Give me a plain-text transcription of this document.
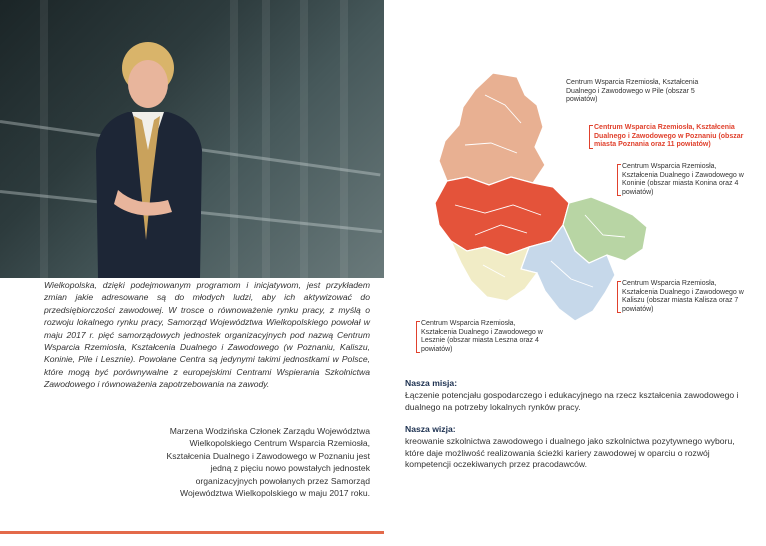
Wielkopolska, dzięki podejmowanym programom i inicjatywom, jest przykładem zmian jakie adresowane są do młodych ludzi, aby ich aktywizować do przedsiębiorczości zawodowej. W trosce o równoważenie rynku pracy, z myślą o rozwoju lokalnego rynku pracy, Samorząd Województwa Wielkopolskiego powołał w maju 2017 r. pięć samorządowych jednostek organizacyjnych pod nazwą Centrum Wsparcia Rzemiosła, Kształcenia Dualnego i Zawodowego (w Poznaniu, Kaliszu, Koninie, Pile i Lesznie). Powołane Centra są jedynymi takimi jednostkami w Polsce, które mogą być porównywalne z europejskimi Centrami Wspierania Szkolnictwa Zawodowego i równoważenia zapotrzebowania na zawody.

Marzena Wodzińska Członek Zarządu Województwa Wielkopolskiego Centrum Wsparcia Rzemiosła, Kształcenia Dualnego i Zawodowego w Poznaniu jest jedną z pięciu nowo powstałych jednostek organizacyjnych powołanych przez Samorząd Województwa Wielkopolskiego w maju 2017 roku.

Centrum Wsparcia Rzemiosła, Kształcenia Dualnego i Zawodowego w Pile (obszar 5 powiatów)
Centrum Wsparcia Rzemiosła, Kształcenia Dualnego i Zawodowego w Poznaniu (obszar miasta Poznania oraz 11 powiatów)
Centrum Wsparcia Rzemiosła, Kształcenia Dualnego i Zawodowego w Koninie (obszar miasta Konina oraz 4 powiatów)
Centrum Wsparcia Rzemiosła, Kształcenia Dualnego i Zawodowego w Kaliszu (obszar miasta Kalisza oraz 7 powiatów)
Centrum Wsparcia Rzemiosła, Kształcenia Dualnego i Zawodowego w Lesznie (obszar miasta Leszna oraz 4 powiatów)

Nasza misja:

Łączenie potencjału gospodarczego i edukacyjnego na rzecz kształcenia zawodowego i dualnego na potrzeby lokalnych rynków pracy.

Nasza wizja:

kreowanie szkolnictwa zawodowego i dualnego jako szkolnictwa pozytywnego wyboru, które daje możliwość realizowania ścieżki kariery zawodowej w oparciu o rozwój kompetencji oczekiwanych przez pracodawców.
